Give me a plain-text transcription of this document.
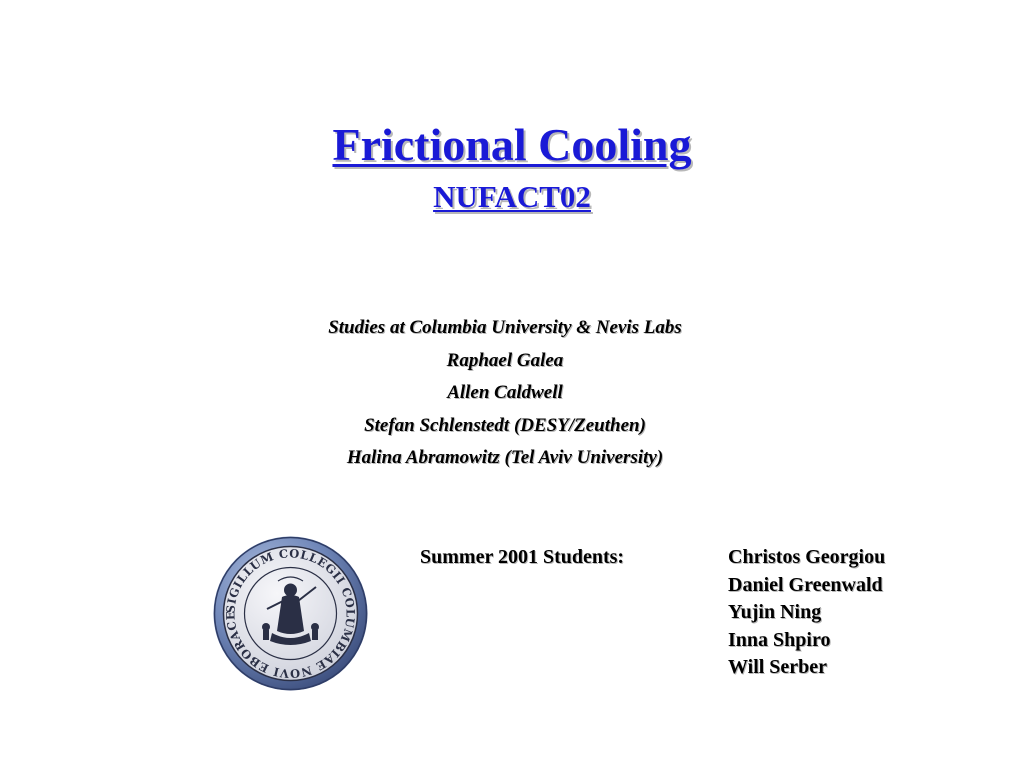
Frictional Cooling
NUFACT02
Studies at Columbia University & Nevis Labs
Raphael Galea
Allen Caldwell
Stefan Schlenstedt (DESY/Zeuthen)
Halina Abramowitz (Tel Aviv University)
SIGILLUM COLLEGII COLUMBIAE NOVI EBORACE
Summer 2001 Students:	Christos Georgiou
Daniel Greenwald
Yujin Ning
Inna Shpiro
Will Serber
